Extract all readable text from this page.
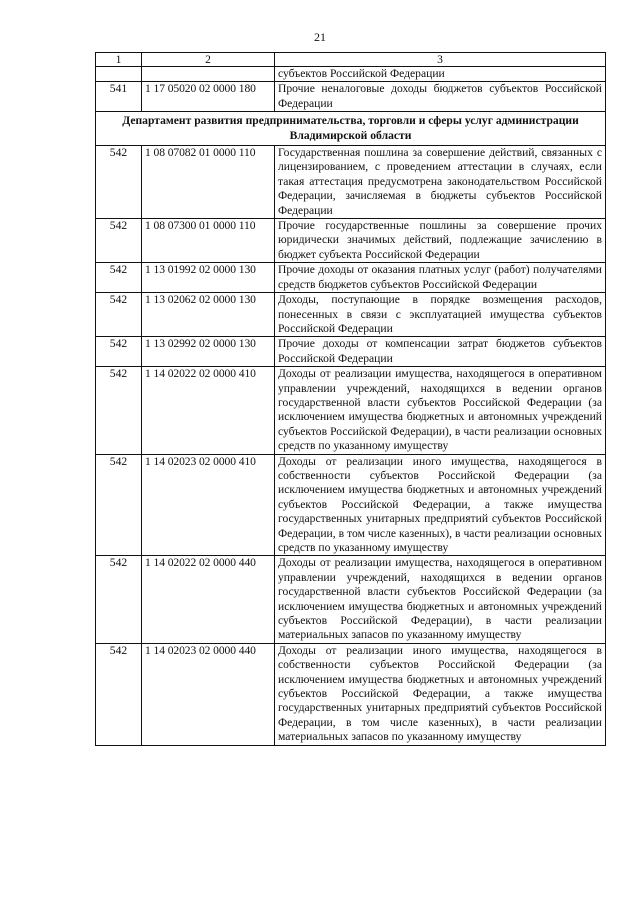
21
1	2	3
		субъектов Российской Федерации
541	1 17 05020 02 0000 180	Прочие неналоговые доходы бюджетов субъектов Российской Федерации
Департамент развития предпринимательства, торговли и сферы услуг администрации Владимирской области		
542	1 08 07082 01 0000 110	Государственная пошлина за совершение действий, связанных с лицензированием, с проведением аттестации в случаях, если такая аттестация предусмотрена законодательством Российской Федерации, зачисляемая в бюджеты субъектов Российской Федерации
542	1 08 07300 01 0000 110	Прочие государственные пошлины за совершение прочих юридически значимых действий, подлежащие зачислению в бюджет субъекта Российской Федерации
542	1 13 01992 02 0000 130	Прочие доходы от оказания платных услуг (работ) получателями средств бюджетов субъектов Российской Федерации
542	1 13 02062 02 0000 130	Доходы, поступающие в порядке возмещения расходов, понесенных в связи с эксплуатацией имущества субъектов Российской Федерации
542	1 13 02992 02 0000 130	Прочие доходы от компенсации затрат бюджетов субъектов Российской Федерации
542	1 14 02022 02 0000 410	Доходы от реализации имущества, находящегося в оперативном управлении учреждений, находящихся в ведении органов государственной власти субъектов Российской Федерации (за исключением имущества бюджетных и автономных учреждений субъектов Российской Федерации), в части реализации основных средств по указанному имуществу
542	1 14 02023 02 0000 410	Доходы от реализации иного имущества, находящегося в собственности субъектов Российской Федерации (за исключением имущества бюджетных и автономных учреждений субъектов Российской Федерации, а также имущества государственных унитарных предприятий субъектов Российской Федерации, в том числе казенных), в части реализации основных средств по указанному имуществу
542	1 14 02022 02 0000 440	Доходы от реализации имущества, находящегося в оперативном управлении учреждений, находящихся в ведении органов государственной власти субъектов Российской Федерации (за исключением имущества бюджетных и автономных учреждений субъектов Российской Федерации), в части реализации материальных запасов по указанному имуществу
542	1 14 02023 02 0000 440	Доходы от реализации иного имущества, находящегося в собственности субъектов Российской Федерации (за исключением имущества бюджетных и автономных учреждений субъектов Российской Федерации, а также имущества государственных унитарных предприятий субъектов Российской Федерации, в том числе казенных), в части реализации материальных запасов по указанному имуществу
